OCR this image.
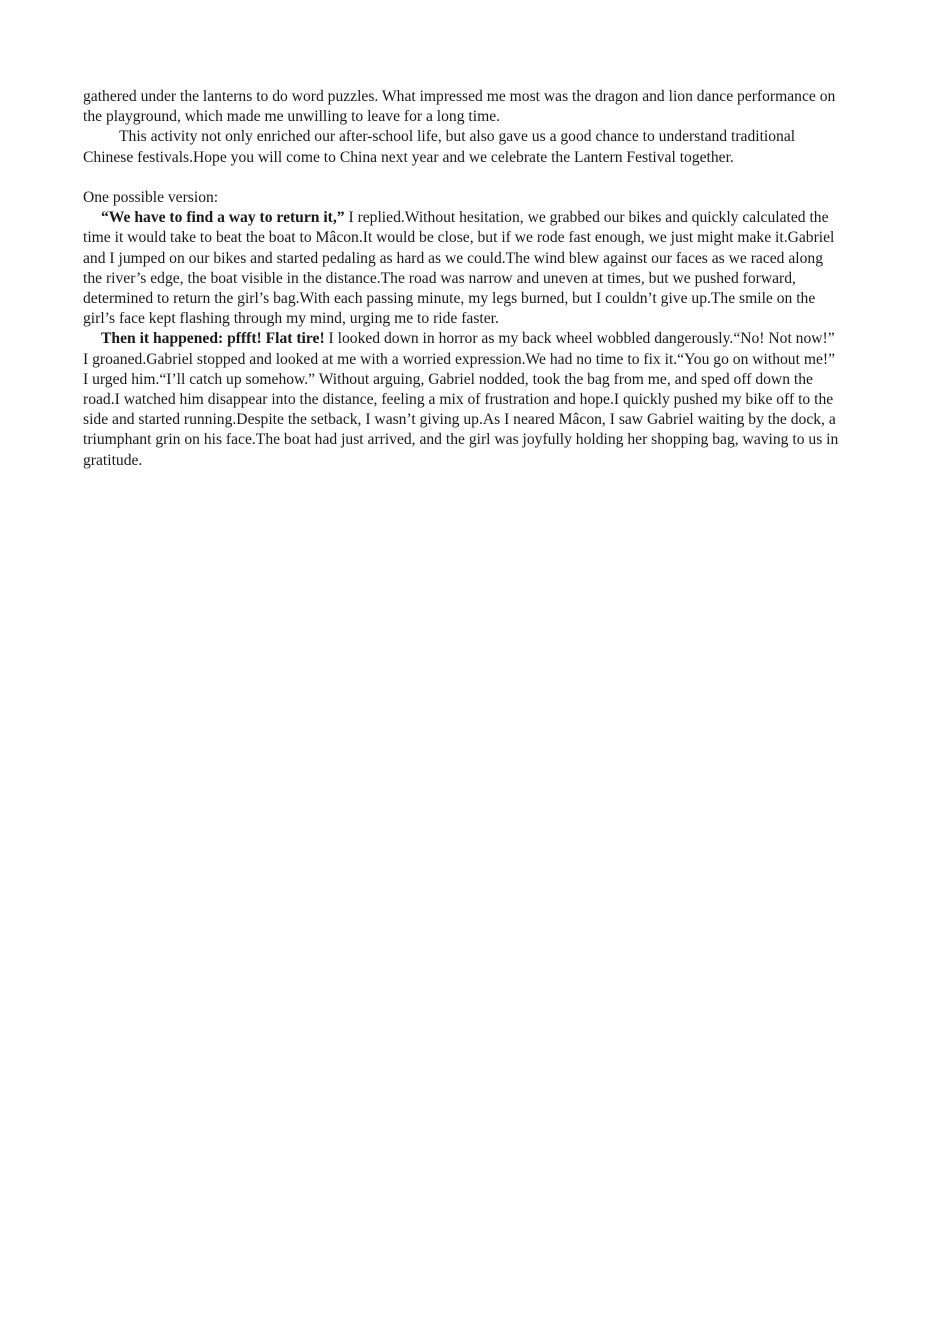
gathered under the lanterns to do word puzzles. What impressed me most was the dragon and lion dance performance on the playground, which made me unwilling to leave for a long time.

This activity not only enriched our after-school life, but also gave us a good chance to understand traditional Chinese festivals.Hope you will come to China next year and we celebrate the Lantern Festival together.

One possible version:

“We have to find a way to return it,” I replied.Without hesitation, we grabbed our bikes and quickly calculated the time it would take to beat the boat to Mâcon.It would be close, but if we rode fast enough, we just might make it.Gabriel and I jumped on our bikes and started pedaling as hard as we could.The wind blew against our faces as we raced along the river’s edge, the boat visible in the distance.The road was narrow and uneven at times, but we pushed forward, determined to return the girl’s bag.With each passing minute, my legs burned, but I couldn’t give up.The smile on the girl’s face kept flashing through my mind, urging me to ride faster.

Then it happened: pffft! Flat tire! I looked down in horror as my back wheel wobbled dangerously.“No! Not now!” I groaned.Gabriel stopped and looked at me with a worried expression.We had no time to fix it.“You go on without me!” I urged him.“I’ll catch up somehow.” Without arguing, Gabriel nodded, took the bag from me, and sped off down the road.I watched him disappear into the distance, feeling a mix of frustration and hope.I quickly pushed my bike off to the side and started running.Despite the setback, I wasn’t giving up.As I neared Mâcon, I saw Gabriel waiting by the dock, a triumphant grin on his face.The boat had just arrived, and the girl was joyfully holding her shopping bag, waving to us in gratitude.
